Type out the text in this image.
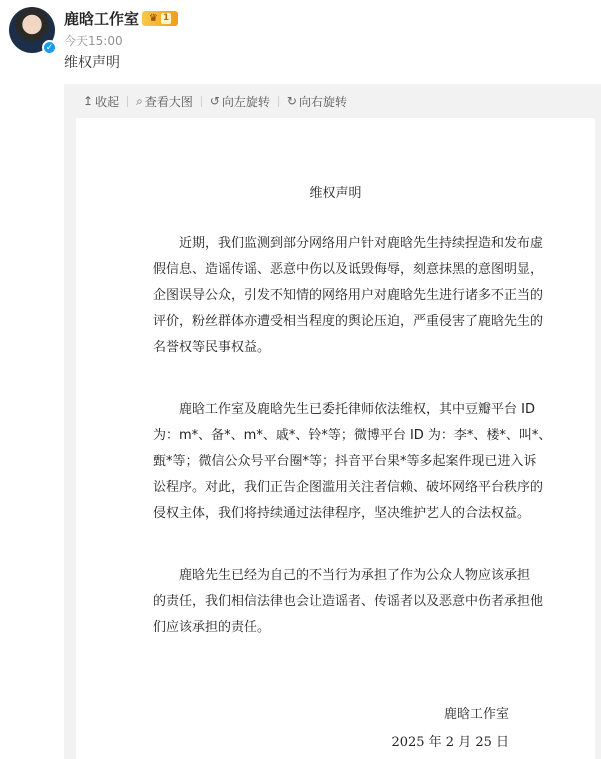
✓
鹿晗工作室 ♛ 1
今天15:00
维权声明
↥ 收起 ⌕ 查看大图 ↺ 向左旋转 ↻ 向右旋转
维权声明

近期，我们监测到部分网络用户针对鹿晗先生持续捏造和发布虚
假信息、造谣传谣、恶意中伤以及诋毁侮辱，刻意抹黑的意图明显，
企图误导公众，引发不知情的网络用户对鹿晗先生进行诸多不正当的
评价，粉丝群体亦遭受相当程度的舆论压迫，严重侵害了鹿晗先生的
名誉权等民事权益。

鹿晗工作室及鹿晗先生已委托律师依法维权，其中豆瓣平台 ID
为：m*、备*、m*、戚*、铃*等；微博平台 ID 为：李*、楼*、叫*、
甄*等；微信公众号平台圈*等；抖音平台果*等多起案件现已进入诉
讼程序。对此，我们正告企图滥用关注者信赖、破坏网络平台秩序的
侵权主体，我们将持续通过法律程序，坚决维护艺人的合法权益。

鹿晗先生已经为自己的不当行为承担了作为公众人物应该承担
的责任，我们相信法律也会让造谣者、传谣者以及恶意中伤者承担他
们应该承担的责任。

鹿晗工作室
2025 年 2 月 25 日
